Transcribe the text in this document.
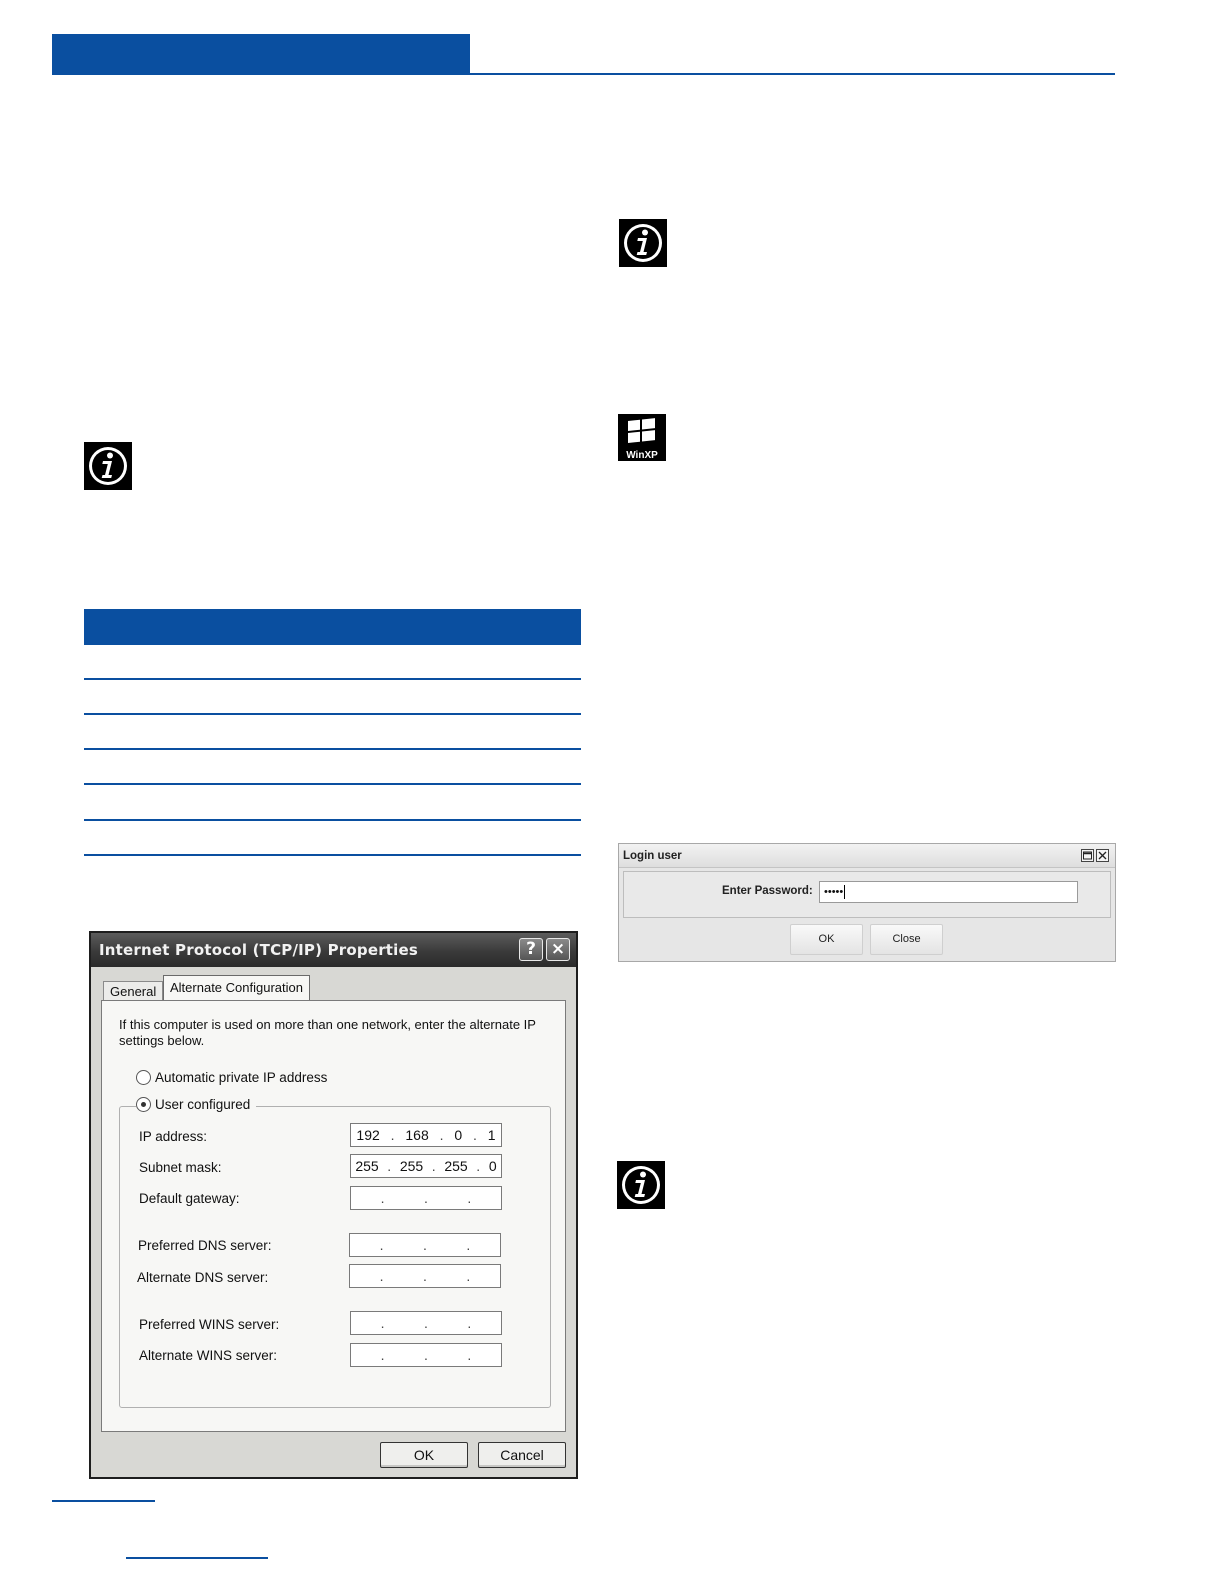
WinXP
Internet Protocol (TCP/IP) Properties	? ×
General	Alternate Configuration
If this computer is used on more than one network, enter the alternate IP settings below.
Automatic private IP address
User configured
IP address:	192 . 168 . 0 . 1
Subnet mask:	255 . 255 . 255 . 0
Default gateway:	.	.	.
Preferred DNS server:	.	.	.
Alternate DNS server:	.	.	.
Preferred WINS server:	.	.	.
Alternate WINS server:	.	.	.
OK	Cancel
Login user
Enter Password:	•••••
OK	Close
